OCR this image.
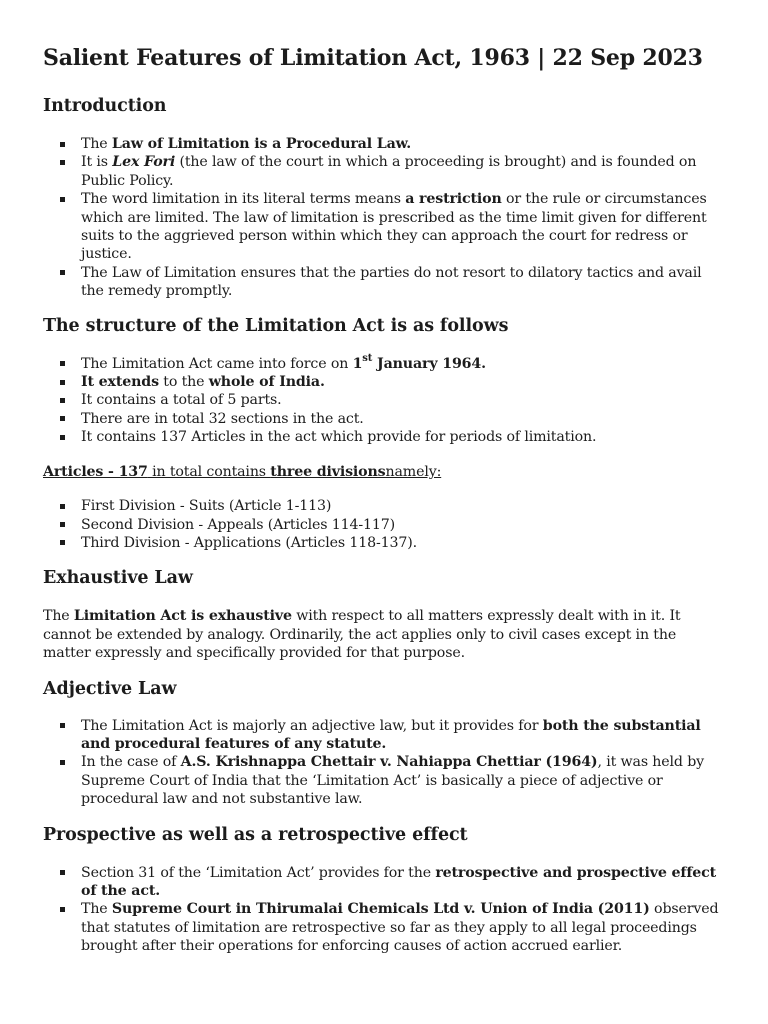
Salient Features of Limitation Act, 1963 | 22 Sep 2023
Introduction
The Law of Limitation is a Procedural Law.
It is Lex Fori (the law of the court in which a proceeding is brought) and is founded on Public Policy.
The word limitation in its literal terms means a restriction or the rule or circumstances which are limited. The law of limitation is prescribed as the time limit given for different suits to the aggrieved person within which they can approach the court for redress or justice.
The Law of Limitation ensures that the parties do not resort to dilatory tactics and avail the remedy promptly.
The structure of the Limitation Act is as follows
The Limitation Act came into force on 1st January 1964.
It extends to the whole of India.
It contains a total of 5 parts.
There are in total 32 sections in the act.
It contains 137 Articles in the act which provide for periods of limitation.

Articles - 137 in total contains three divisionsnamely:

First Division - Suits (Article 1-113)
Second Division - Appeals (Articles 114-117)
Third Division - Applications (Articles 118-137).
Exhaustive Law

The Limitation Act is exhaustive with respect to all matters expressly dealt with in it. It cannot be extended by analogy. Ordinarily, the act applies only to civil cases except in the matter expressly and specifically provided for that purpose.

Adjective Law
The Limitation Act is majorly an adjective law, but it provides for both the substantial and procedural features of any statute.
In the case of A.S. Krishnappa Chettair v. Nahiappa Chettiar (1964), it was held by Supreme Court of India that the ‘Limitation Act’ is basically a piece of adjective or procedural law and not substantive law.
Prospective as well as a retrospective effect
Section 31 of the ‘Limitation Act’ provides for the retrospective and prospective effect of the act.
The Supreme Court in Thirumalai Chemicals Ltd v. Union of India (2011) observed that statutes of limitation are retrospective so far as they apply to all legal proceedings brought after their operations for enforcing causes of action accrued earlier.
